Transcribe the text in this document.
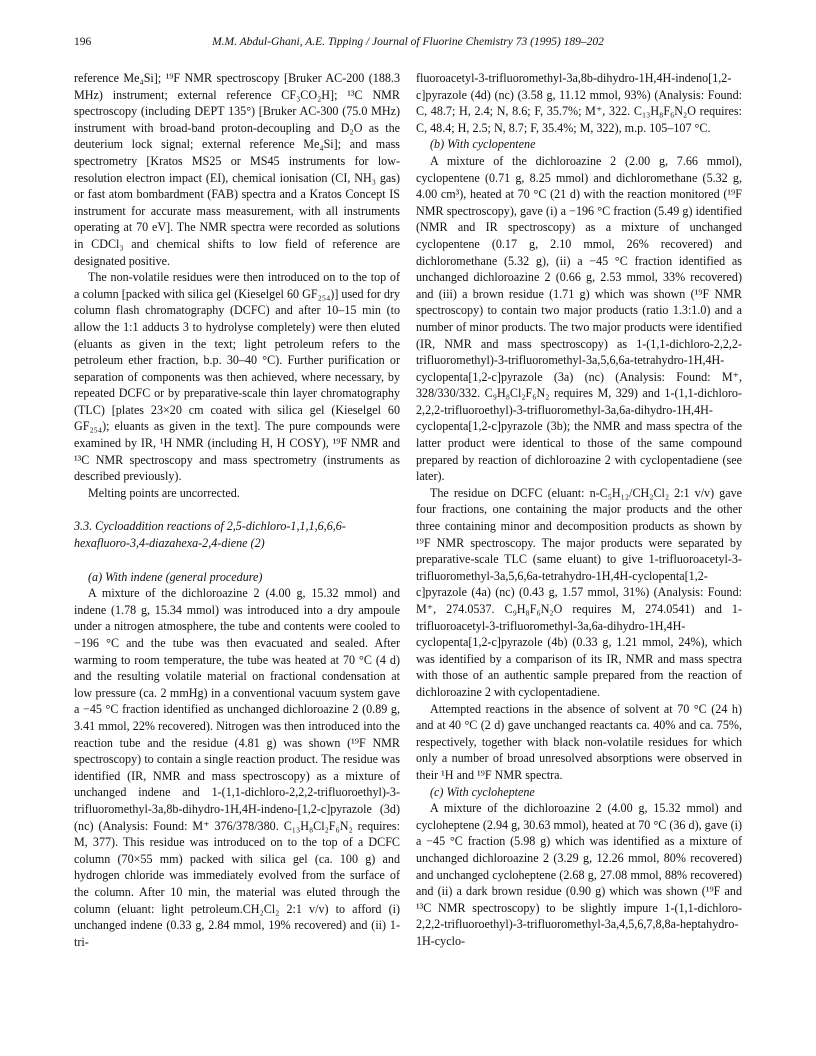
196	M.M. Abdul-Ghani, A.E. Tipping / Journal of Fluorine Chemistry 73 (1995) 189–202

reference Me₄Si]; ¹⁹F NMR spectroscopy [Bruker AC-200 (188.3 MHz) instrument; external reference CF₃CO₂H]; ¹³C NMR spectroscopy (including DEPT 135°) [Bruker AC-300 (75.0 MHz) instrument with broad-band proton-decoupling and D₂O as the deuterium lock signal; external reference Me₄Si]; and mass spectrometry [Kratos MS25 or MS45 instruments for low-resolution electron impact (EI), chemical ionisation (CI, NH₃ gas) or fast atom bombardment (FAB) spectra and a Kratos Concept IS instrument for accurate mass measurement, with all instruments operating at 70 eV]. The NMR spectra were recorded as solutions in CDCl₃ and chemical shifts to low field of reference are designated positive.

The non-volatile residues were then introduced on to the top of a column [packed with silica gel (Kieselgel 60 GF₂₅₄)] used for dry column flash chromatography (DCFC) and after 10–15 min (to allow the 1:1 adducts 3 to hydrolyse completely) were then eluted (eluants as given in the text; light petroleum refers to the petroleum ether fraction, b.p. 30–40 °C). Further purification or separation of components was then achieved, where necessary, by repeated DCFC or by preparative-scale thin layer chromatography (TLC) [plates 23×20 cm coated with silica gel (Kieselgel 60 GF₂₅₄); eluants as given in the text]. The pure compounds were examined by IR, ¹H NMR (including H, H COSY), ¹⁹F NMR and ¹³C NMR spectroscopy and mass spectrometry (instruments as described previously).

Melting points are uncorrected.

3.3. Cycloaddition reactions of 2,5-dichloro-1,1,1,6,6,6-hexafluoro-3,4-diazahexa-2,4-diene (2)

(a) With indene (general procedure)

A mixture of the dichloroazine 2 (4.00 g, 15.32 mmol) and indene (1.78 g, 15.34 mmol) was introduced into a dry ampoule under a nitrogen atmosphere, the tube and contents were cooled to −196 °C and the tube was then evacuated and sealed. After warming to room temperature, the tube was heated at 70 °C (4 d) and the resulting volatile material on fractional condensation at low pressure (ca. 2 mmHg) in a conventional vacuum system gave a −45 °C fraction identified as unchanged dichloroazine 2 (0.89 g, 3.41 mmol, 22% recovered). Nitrogen was then introduced into the reaction tube and the residue (4.81 g) was shown (¹⁹F NMR spectroscopy) to contain a single reaction product. The residue was identified (IR, NMR and mass spectroscopy) as a mixture of unchanged indene and 1-(1,1-dichloro-2,2,2-trifluoroethyl)-3-trifluoromethyl-3a,8b-dihydro-1H,4H-indeno-[1,2-c]pyrazole (3d) (nc) (Analysis: Found: M⁺ 376/378/380. C₁₃H₈Cl₂F₆N₂ requires: M, 377). This residue was introduced on to the top of a DCFC column (70×55 mm) packed with silica gel (ca. 100 g) and hydrogen chloride was immediately evolved from the surface of the column. After 10 min, the material was eluted through the column (eluant: light petroleum.CH₂Cl₂ 2:1 v/v) to afford (i) unchanged indene (0.33 g, 2.84 mmol, 19% recovered) and (ii) 1-tri-

fluoroacetyl-3-trifluoromethyl-3a,8b-dihydro-1H,4H-indeno[1,2-c]pyrazole (4d) (nc) (3.58 g, 11.12 mmol, 93%) (Analysis: Found: C, 48.7; H, 2.4; N, 8.6; F, 35.7%; M⁺, 322. C₁₃H₈F₆N₂O requires: C, 48.4; H, 2.5; N, 8.7; F, 35.4%; M, 322), m.p. 105–107 °C.

(b) With cyclopentene

A mixture of the dichloroazine 2 (2.00 g, 7.66 mmol), cyclopentene (0.71 g, 8.25 mmol) and dichloromethane (5.32 g, 4.00 cm³), heated at 70 °C (21 d) with the reaction monitored (¹⁹F NMR spectroscopy), gave (i) a −196 °C fraction (5.49 g) identified (NMR and IR spectroscopy) as a mixture of unchanged cyclopentene (0.17 g, 2.10 mmol, 26% recovered) and dichloromethane (5.32 g), (ii) a −45 °C fraction identified as unchanged dichloroazine 2 (0.66 g, 2.53 mmol, 33% recovered) and (iii) a brown residue (1.71 g) which was shown (¹⁹F NMR spectroscopy) to contain two major products (ratio 1.3:1.0) and a number of minor products. The two major products were identified (IR, NMR and mass spectroscopy) as 1-(1,1-dichloro-2,2,2-trifluoromethyl)-3-trifluoromethyl-3a,5,6,6a-tetrahydro-1H,4H-cyclopenta[1,2-c]pyrazole (3a) (nc) (Analysis: Found: M⁺, 328/330/332. C₉H₈Cl₂F₆N₂ requires M, 329) and 1-(1,1-dichloro-2,2,2-trifluoroethyl)-3-trifluoromethyl-3a,6a-dihydro-1H,4H-cyclopenta[1,2-c]pyrazole (3b); the NMR and mass spectra of the latter product were identical to those of the same compound prepared by reaction of dichloroazine 2 with cyclopentadiene (see later).

The residue on DCFC (eluant: n-C₅H₁₂/CH₂Cl₂ 2:1 v/v) gave four fractions, one containing the major products and the other three containing minor and decomposition products as shown by ¹⁹F NMR spectroscopy. The major products were separated by preparative-scale TLC (same eluant) to give 1-trifluoroacetyl-3-trifluoromethyl-3a,5,6,6a-tetrahydro-1H,4H-cyclopenta[1,2-c]pyrazole (4a) (nc) (0.43 g, 1.57 mmol, 31%) (Analysis: Found: M⁺, 274.0537. C₉H₈F₆N₂O requires M, 274.0541) and 1-trifluoroacetyl-3-trifluoromethyl-3a,6a-dihydro-1H,4H-cyclopenta[1,2-c]pyrazole (4b) (0.33 g, 1.21 mmol, 24%), which was identified by a comparison of its IR, NMR and mass spectra with those of an authentic sample prepared from the reaction of dichloroazine 2 with cyclopentadiene.

Attempted reactions in the absence of solvent at 70 °C (24 h) and at 40 °C (2 d) gave unchanged reactants ca. 40% and ca. 75%, respectively, together with black non-volatile residues for which only a number of broad unresolved absorptions were observed in their ¹H and ¹⁹F NMR spectra.

(c) With cycloheptene

A mixture of the dichloroazine 2 (4.00 g, 15.32 mmol) and cycloheptene (2.94 g, 30.63 mmol), heated at 70 °C (36 d), gave (i) a −45 °C fraction (5.98 g) which was identified as a mixture of unchanged dichloroazine 2 (3.29 g, 12.26 mmol, 80% recovered) and unchanged cycloheptene (2.68 g, 27.08 mmol, 88% recovered) and (ii) a dark brown residue (0.90 g) which was shown (¹⁹F and ¹³C NMR spectroscopy) to be slightly impure 1-(1,1-dichloro-2,2,2-trifluoroethyl)-3-trifluoromethyl-3a,4,5,6,7,8,8a-heptahydro-1H-cyclo-
